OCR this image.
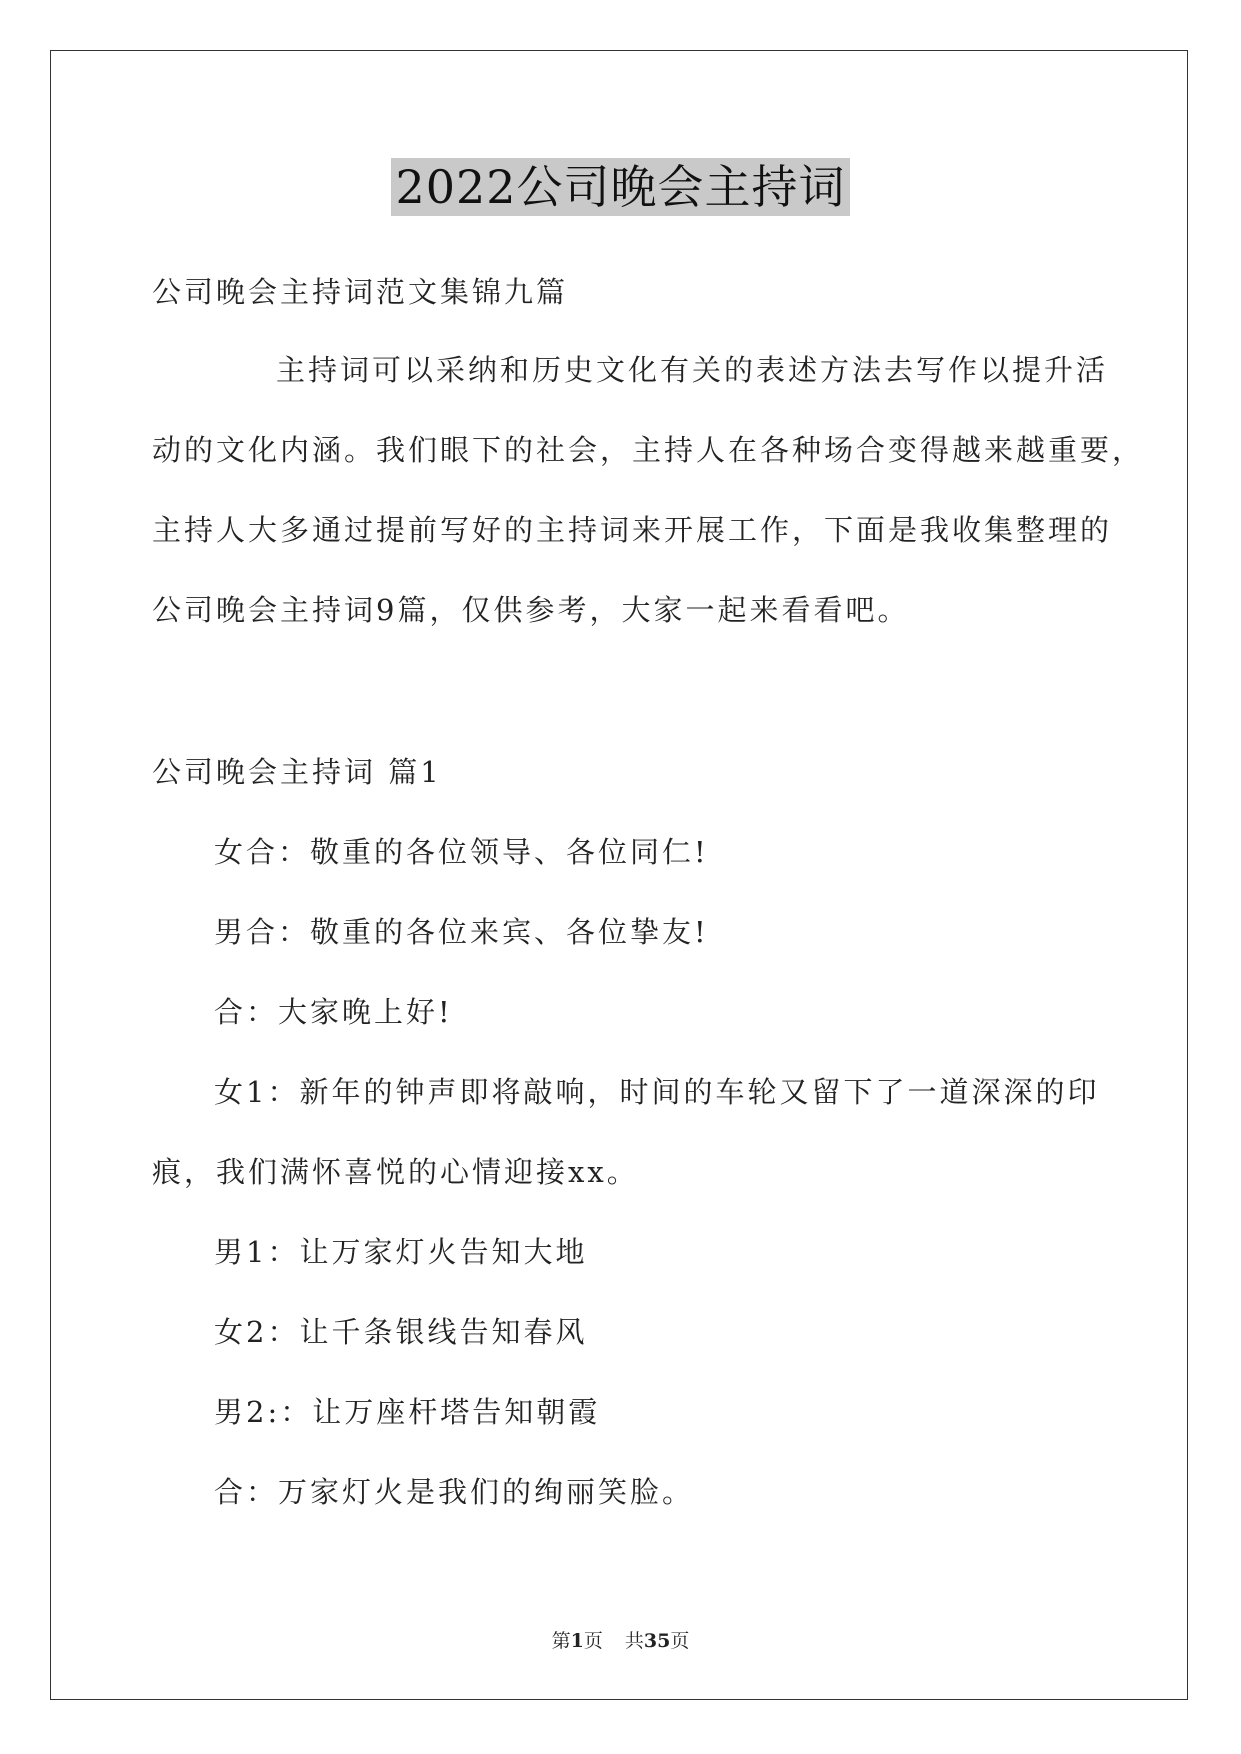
2022公司晚会主持词
公司晚会主持词范文集锦九篇
主持词可以采纳和历史文化有关的表述方法去写作以提升活
动的文化内涵。我们眼下的社会，主持人在各种场合变得越来越重要，
主持人大多通过提前写好的主持词来开展工作，下面是我收集整理的
公司晚会主持词9篇，仅供参考，大家一起来看看吧。
公司晚会主持词 篇1
女合：敬重的各位领导、各位同仁!
男合：敬重的各位来宾、各位挚友!
合：大家晚上好!
女1：新年的钟声即将敲响，时间的车轮又留下了一道深深的印
痕，我们满怀喜悦的心情迎接xx。
男1：让万家灯火告知大地
女2：让千条银线告知春风
男2:：让万座杆塔告知朝霞
合：万家灯火是我们的绚丽笑脸。
第1页 共35页
